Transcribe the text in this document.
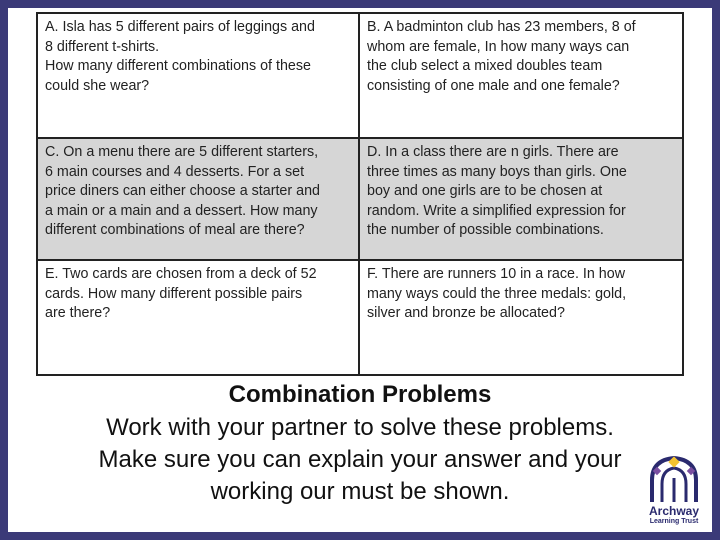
A. Isla has 5 different pairs of leggings and
8 different t-shirts.
How many different combinations of these
could she wear?
B. A badminton club has 23 members, 8 of
whom are female, In how many ways can
the club select a mixed doubles team
consisting of one male and one female?
C. On a menu there are 5 different starters,
6 main courses and 4 desserts. For a set
price diners can either choose a starter and
a main or a main and a dessert. How many
different combinations of meal are there?
D. In a class there are n girls. There are
three times as many boys than girls. One
boy and one girls are to be chosen at
random. Write a simplified expression for
the number of possible combinations.
E. Two cards are chosen from a deck of 52
cards. How many different possible pairs
are there?
F. There are runners 10 in a race. In how
many ways could the three medals: gold,
silver and bronze be allocated?
Combination Problems
Work with your partner to solve these problems.
Make sure you can explain your answer and your
working our must be shown.
Archway
Learning Trust
